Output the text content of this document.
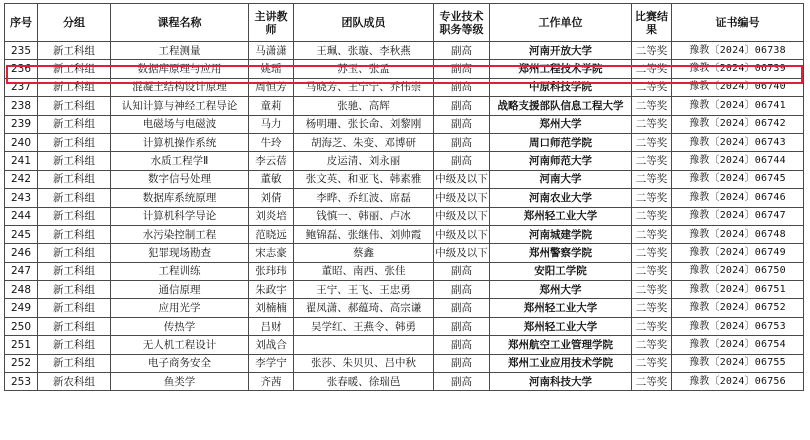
序号	分组	课程名称	主讲教师	团队成员	专业技术职务等级	工作单位	比赛结果	证书编号
235	新工科组	工程测量	马潇潇	王珮、张璇、李秋燕	副高	河南开放大学	二等奖	豫教〔2024〕06738
236	新工科组	数据库原理与应用	姚瑶	苏玉、张孟	副高	郑州工程技术学院	二等奖	豫教〔2024〕06739
237	新工科组	混凝土结构设计原理	周恒芳	马晓芳、王宁宁、乔伟崇	副高	中原科技学院	二等奖	豫教〔2024〕06740
238	新工科组	认知计算与神经工程导论	童莉	张驰、高辉	副高	战略支援部队信息工程大学	二等奖	豫教〔2024〕06741
239	新工科组	电磁场与电磁波	马力	杨明珊、张长命、刘黎刚	副高	郑州大学	二等奖	豫教〔2024〕06742
240	新工科组	计算机操作系统	牛玲	胡海芝、朱变、邓博研	副高	周口师范学院	二等奖	豫教〔2024〕06743
241	新工科组	水质工程学Ⅱ	李云蓓	皮运清、刘永丽	副高	河南师范大学	二等奖	豫教〔2024〕06744
242	新工科组	数字信号处理	董敏	张文英、和亚飞、韩素雅	中级及以下	河南大学	二等奖	豫教〔2024〕06745
243	新工科组	数据库系统原理	刘倩	李晔、乔红波、席磊	中级及以下	河南农业大学	二等奖	豫教〔2024〕06746
244	新工科组	计算机科学导论	刘炎培	钱慎一、韩丽、卢冰	中级及以下	郑州轻工业大学	二等奖	豫教〔2024〕06747
245	新工科组	水污染控制工程	范晓远	鲍锦磊、张继伟、刘帅霞	中级及以下	河南城建学院	二等奖	豫教〔2024〕06748
246	新工科组	犯罪现场勘查	宋志豪	蔡鑫	中级及以下	郑州警察学院	二等奖	豫教〔2024〕06749
247	新工科组	工程训练	张玮玮	董昭、南西、张佳	副高	安阳工学院	二等奖	豫教〔2024〕06750
248	新工科组	通信原理	朱政宇	王宁、王飞、王忠勇	副高	郑州大学	二等奖	豫教〔2024〕06751
249	新工科组	应用光学	刘楠楠	翟凤潇、郝蕴琦、高宗谦	副高	郑州轻工业大学	二等奖	豫教〔2024〕06752
250	新工科组	传热学	吕财	吴学红、王燕令、韩勇	副高	郑州轻工业大学	二等奖	豫教〔2024〕06753
251	新工科组	无人机工程设计	刘战合		副高	郑州航空工业管理学院	二等奖	豫教〔2024〕06754
252	新工科组	电子商务安全	李学宁	张莎、朱贝贝、吕中秋	副高	郑州工业应用技术学院	二等奖	豫教〔2024〕06755
253	新农科组	鱼类学	齐茜	张春暖、徐瑞邑	副高	河南科技大学	二等奖	豫教〔2024〕06756
